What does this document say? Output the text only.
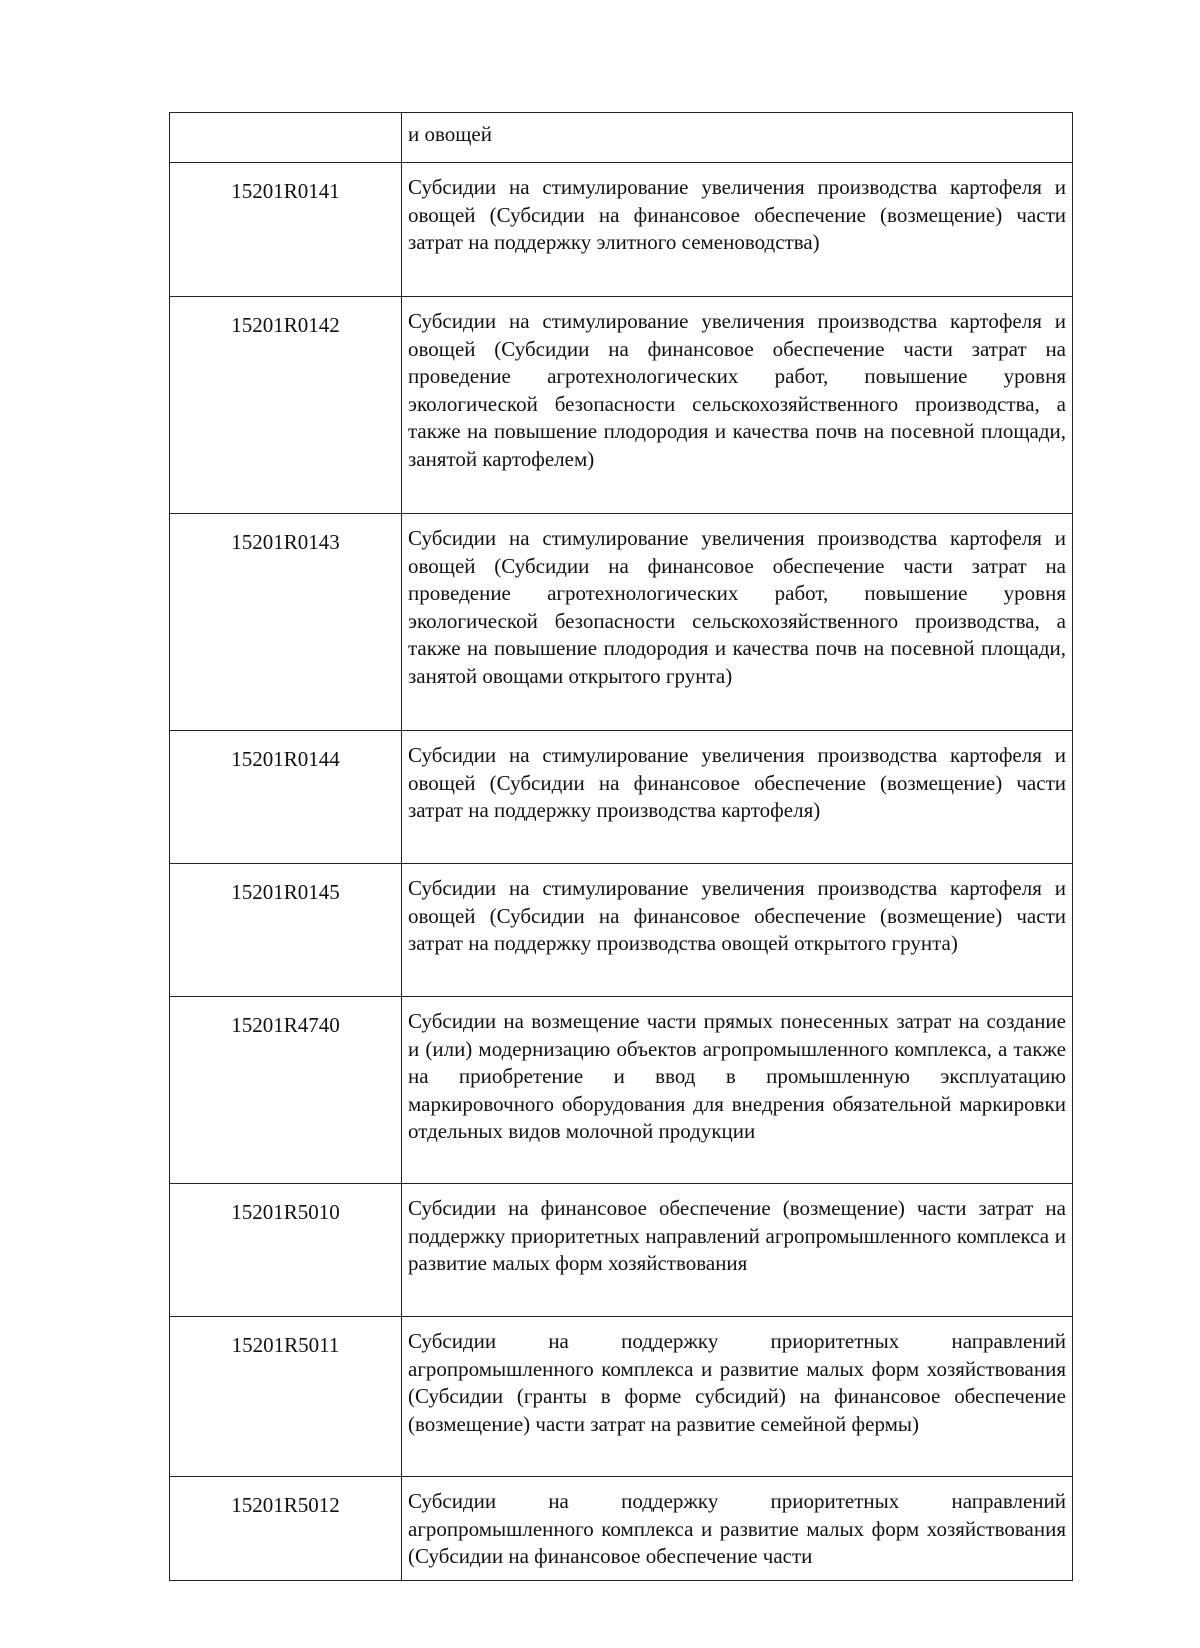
	и овощей
15201R0141	Субсидии на стимулирование увеличения производства картофеля и овощей (Субсидии на финансовое обеспечение (возмещение) части затрат на поддержку элитного семеноводства)
15201R0142	Субсидии на стимулирование увеличения производства картофеля и овощей (Субсидии на финансовое обеспечение части затрат на проведение агротехнологических работ, повышение уровня экологической безопасности сельскохозяйственного производства, а также на повышение плодородия и качества почв на посевной площади, занятой картофелем)
15201R0143	Субсидии на стимулирование увеличения производства картофеля и овощей (Субсидии на финансовое обеспечение части затрат на проведение агротехнологических работ, повышение уровня экологической безопасности сельскохозяйственного производства, а также на повышение плодородия и качества почв на посевной площади, занятой овощами открытого грунта)
15201R0144	Субсидии на стимулирование увеличения производства картофеля и овощей (Субсидии на финансовое обеспечение (возмещение) части затрат на поддержку производства картофеля)
15201R0145	Субсидии на стимулирование увеличения производства картофеля и овощей (Субсидии на финансовое обеспечение (возмещение) части затрат на поддержку производства овощей открытого грунта)
15201R4740	Субсидии на возмещение части прямых понесенных затрат на создание и (или) модернизацию объектов агропромышленного комплекса, а также на приобретение и ввод в промышленную эксплуатацию маркировочного оборудования для внедрения обязательной маркировки отдельных видов молочной продукции
15201R5010	Субсидии на финансовое обеспечение (возмещение) части затрат на поддержку приоритетных направлений агропромышленного комплекса и развитие малых форм хозяйствования
15201R5011	Субсидии на поддержку приоритетных направлений агропромышленного комплекса и развитие малых форм хозяйствования (Субсидии (гранты в форме субсидий) на финансовое обеспечение (возмещение) части затрат на развитие семейной фермы)
15201R5012	Субсидии на поддержку приоритетных направлений агропромышленного комплекса и развитие малых форм хозяйствования (Субсидии на финансовое обеспечение части
